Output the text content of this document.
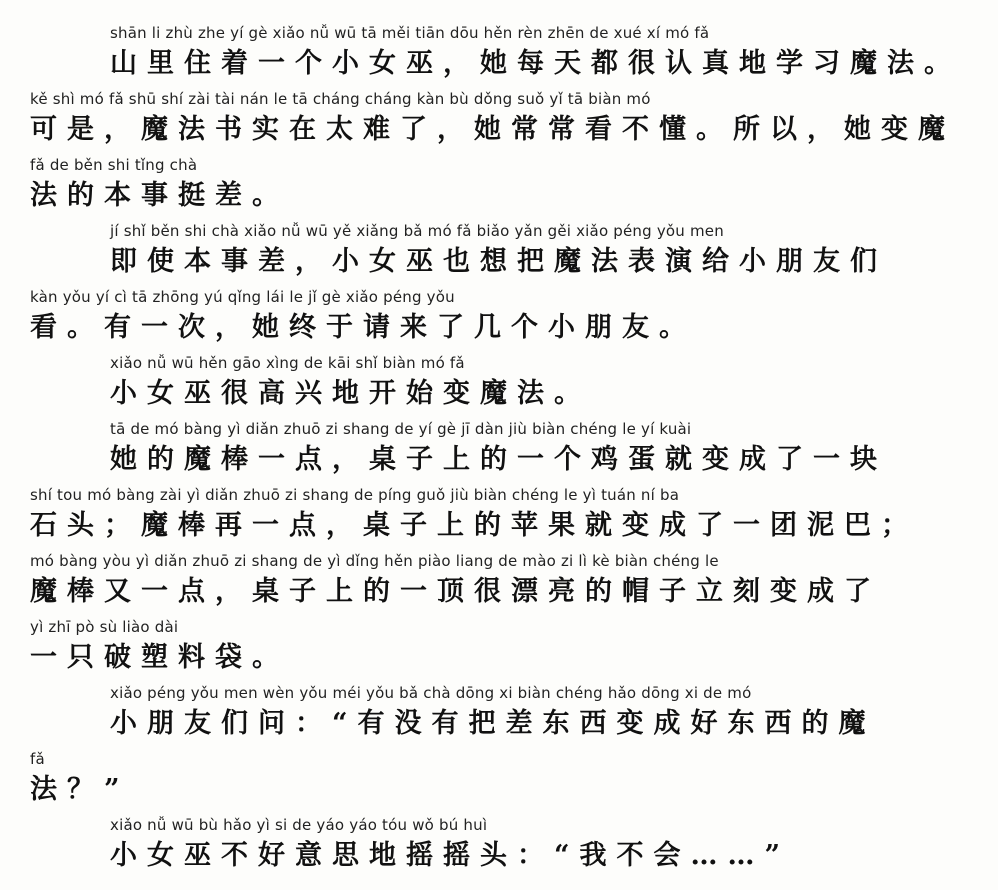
shān li zhù zhe yí gè xiǎo nǚ wū tā měi tiān dōu hěn rèn zhēn de xué xí mó fǎ
山里住着一个小女巫，她每天都很认真地学习魔法。
kě shì mó fǎ shū shí zài tài nán le tā cháng cháng kàn bù dǒng suǒ yǐ tā biàn mó
可是，魔法书实在太难了，她常常看不懂。所以，她变魔
fǎ de běn shi tǐng chà
法的本事挺差。
jí shǐ běn shi chà xiǎo nǚ wū yě xiǎng bǎ mó fǎ biǎo yǎn gěi xiǎo péng yǒu men
即使本事差，小女巫也想把魔法表演给小朋友们
kàn yǒu yí cì tā zhōng yú qǐng lái le jǐ gè xiǎo péng yǒu
看。有一次，她终于请来了几个小朋友。
xiǎo nǚ wū hěn gāo xìng de kāi shǐ biàn mó fǎ
小女巫很高兴地开始变魔法。
tā de mó bàng yì diǎn zhuō zi shang de yí gè jī dàn jiù biàn chéng le yí kuài
她的魔棒一点，桌子上的一个鸡蛋就变成了一块
shí tou mó bàng zài yì diǎn zhuō zi shang de píng guǒ jiù biàn chéng le yì tuán ní ba
石头；魔棒再一点，桌子上的苹果就变成了一团泥巴；
mó bàng yòu yì diǎn zhuō zi shang de yì dǐng hěn piào liang de mào zi lì kè biàn chéng le
魔棒又一点，桌子上的一顶很漂亮的帽子立刻变成了
yì zhī pò sù liào dài
一只破塑料袋。
xiǎo péng yǒu men wèn yǒu méi yǒu bǎ chà dōng xi biàn chéng hǎo dōng xi de mó
小朋友们问：“有没有把差东西变成好东西的魔
fǎ
法？”
xiǎo nǚ wū bù hǎo yì si de yáo yáo tóu wǒ bú huì
小女巫不好意思地摇摇头：“我不会……”
